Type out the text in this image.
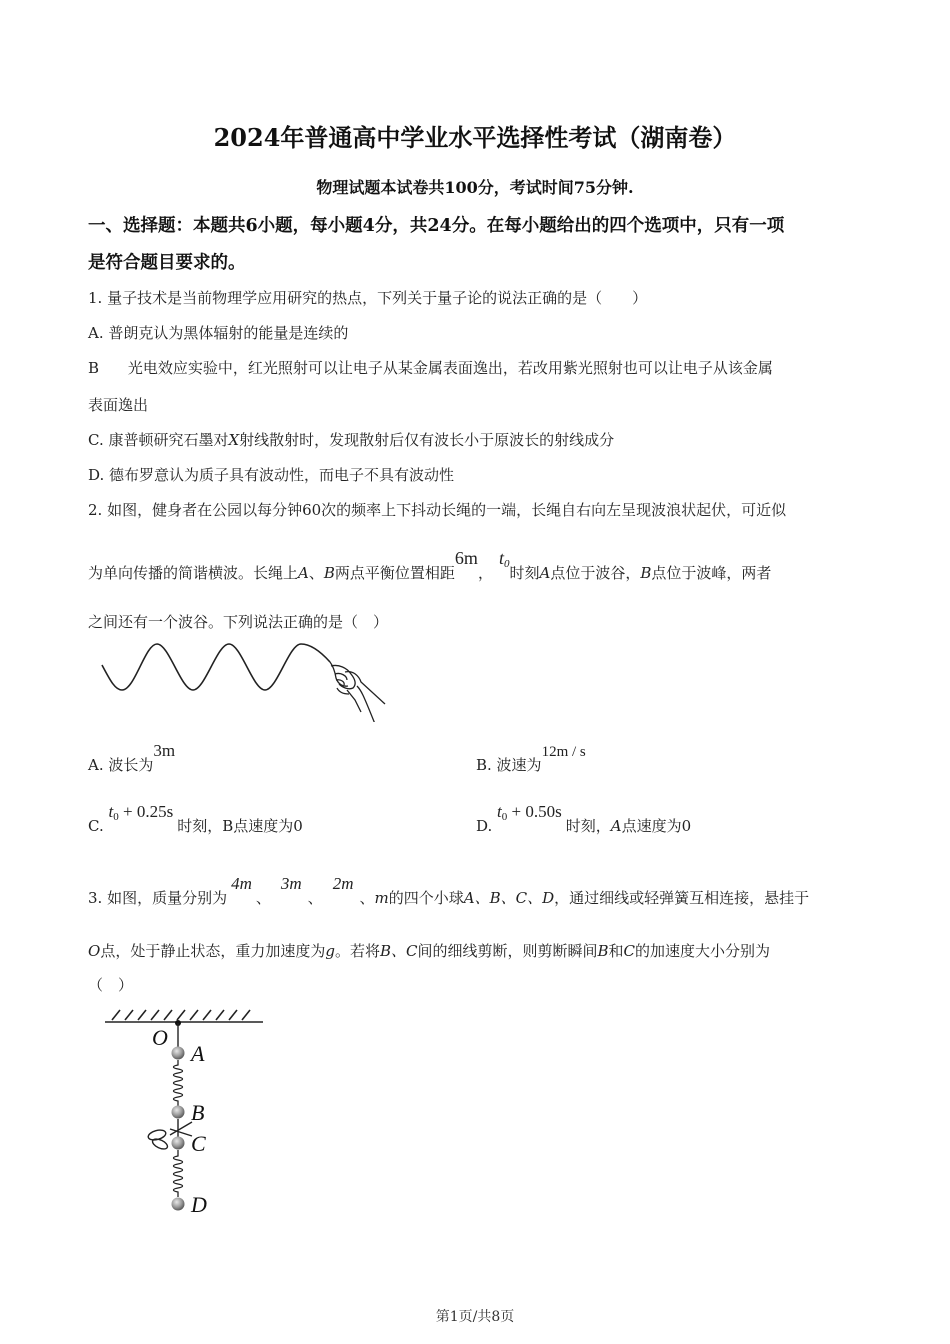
2024年普通高中学业水平选择性考试（湖南卷）
物理试题本试卷共100分，考试时间75分钟.
一、选择题：本题共6小题，每小题4分，共24分。在每小题给出的四个选项中，只有一项
是符合题目要求的。
1. 量子技术是当前物理学应用研究的热点，下列关于量子论的说法正确的是（　　）
A. 普朗克认为黑体辐射的能量是连续的
B 光电效应实验中，红光照射可以让电子从某金属表面逸出，若改用紫光照射也可以让电子从该金属
表面逸出
C. 康普顿研究石墨对X射线散射时，发现散射后仅有波长小于原波长的射线成分
D. 德布罗意认为质子具有波动性，而电子不具有波动性
2. 如图，健身者在公园以每分钟60次的频率上下抖动长绳的一端，长绳自右向左呈现波浪状起伏，可近似
为单向传播的简谐横波。长绳上A、B两点平衡位置相距6m，t0时刻A点位于波谷，B点位于波峰，两者
之间还有一个波谷。下列说法正确的是（　）
A. 波长为3m
B. 波速为12m / s
C. t0 + 0.25s时刻，B点速度为0	D. t0 + 0.50s时刻，A点速度为0
3. 如图，质量分别为4m、3m、2m、m的四个小球A、B、C、D，通过细线或轻弹簧互相连接，悬挂于
O点，处于静止状态，重力加速度为g。若将B、C间的细线剪断，则剪断瞬间B和C的加速度大小分别为
（　）
O
A
B
C
D
第1页/共8页
